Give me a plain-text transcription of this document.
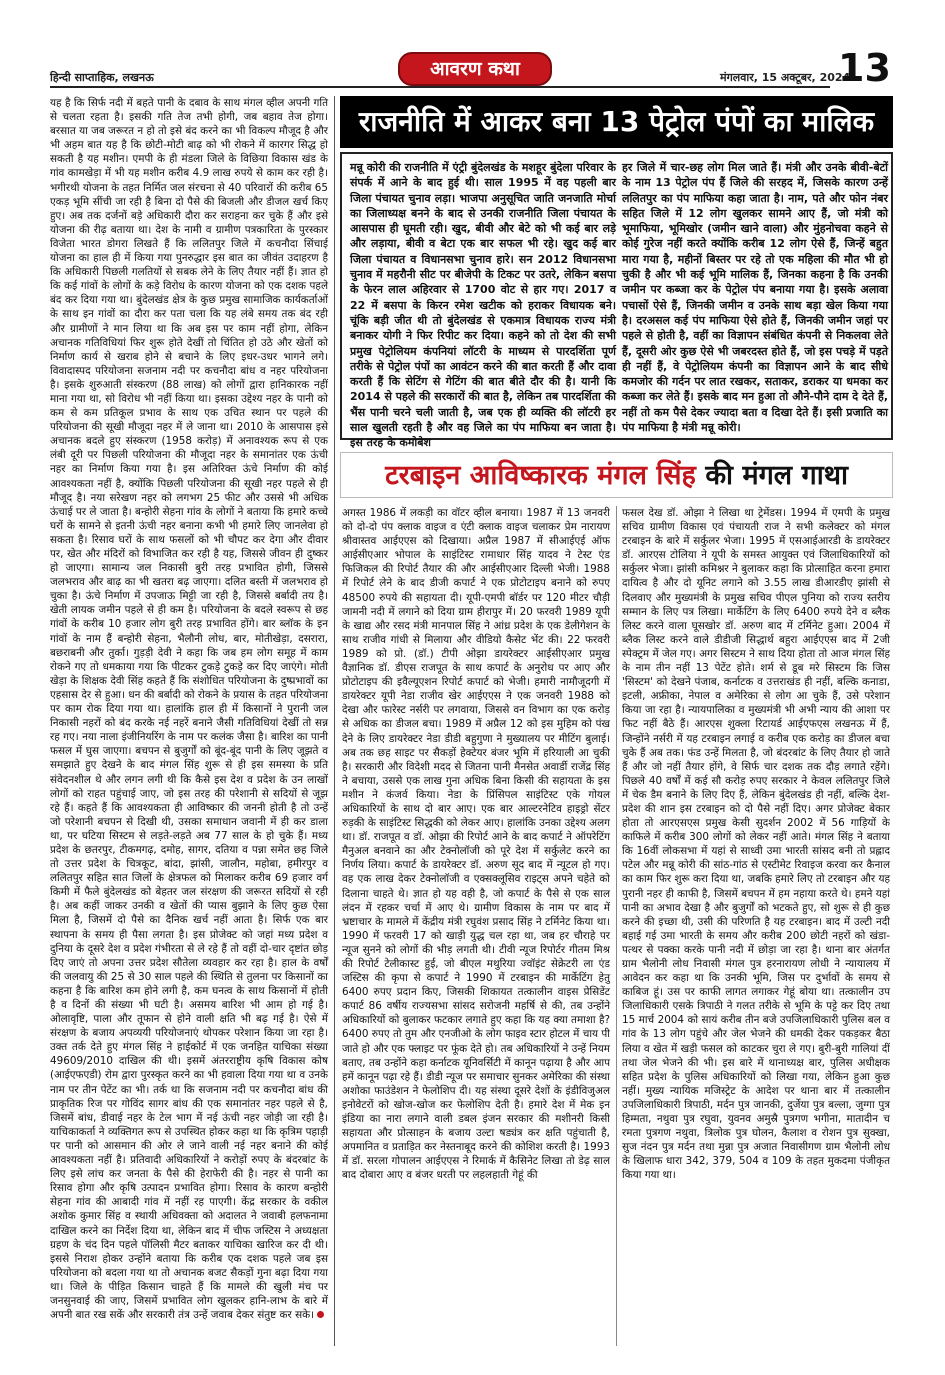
हिन्दी साप्ताहिक, लखनऊ	आवरण कथा	मंगलवार, 15 अक्टूबर, 2024
13

यह है कि सिर्फ नदी में बहते पानी के दबाव के साथ मंगल व्हील अपनी गति से चलता रहता है। इसकी गति तेज तभी होगी, जब बहाव तेज होगा। बरसात या जब जरूरत न हो तो इसे बंद करने का भी विकल्प मौजूद है और भी अहम बात यह है कि छोटी-मोटी बाढ़ को भी रोकने में कारगर सिद्ध हो सकती है यह मशीन। एमपी के ही मंडला जिले के विछिया विकास खंड के गांव कामखेड़ा में भी यह मशीन करीब 4.9 लाख रुपये से काम कर रही है। भगीरथी योजना के तहत निर्मित जल संरचना से 40 परिवारों की करीब 65 एकड़ भूमि सींची जा रही है बिना दो पैसे की बिजली और डीजल खर्च किए हुए। अब तक दर्जनों बड़े अधिकारी दौरा कर सराहना कर चुके हैं और इसे योजना की रीढ़ बताया था। देश के नामी व ग्रामीण पत्रकारिता के पुरस्कार विजेता भारत डोगरा लिखते हैं कि ललितपुर जिले में कचनौदा सिंचाई योजना का हाल ही में किया गया पुनरुद्धार इस बात का जीवंत उदाहरण है कि अधिकारी पिछली गलतियों से सबक लेने के लिए तैयार नहीं हैं। ज्ञात हो कि कई गांवों के लोगों के कड़े विरोध के कारण योजना को एक दशक पहले बंद कर दिया गया था। बुंदेलखंड क्षेत्र के कुछ प्रमुख सामाजिक कार्यकर्ताओं के साथ इन गांवों का दौरा कर पता चला कि यह लंबे समय तक बंद रही और ग्रामीणों ने मान लिया था कि अब इस पर काम नहीं होगा, लेकिन अचानक गतिविधियां फिर शुरू होते देखीं तो चिंतित हो उठे और खेतों को निर्माण कार्य से खराब होने से बचाने के लिए इधर-उधर भागने लगे। विवादास्पद परियोजना सजनाम नदी पर कचनौदा बांध व नहर परियोजना है। इसके शुरुआती संस्करण (88 लाख) को लोगों द्वारा हानिकारक नहीं माना गया था, सो विरोध भी नहीं किया था। इसका उद्देश्य नहर के पानी को कम से कम प्रतिकूल प्रभाव के साथ एक उचित स्थान पर पहले की परियोजना की सूखी मौजूदा नहर में ले जाना था। 2010 के आसपास इसे अचानक बदले हुए संस्करण (1958 करोड़) में अनावश्यक रूप से एक लंबी दूरी पर पिछली परियोजना की मौजूदा नहर के समानांतर एक ऊंची नहर का निर्माण किया गया है। इस अतिरिक्त ऊंचे निर्माण की कोई आवश्यकता नहीं है, क्योंकि पिछली परियोजना की सूखी नहर पहले से ही मौजूद है। नया सरेखण नहर को लगभग 25 फीट और उससे भी अधिक ऊंचाई पर ले जाता है। बन्होरी सेहना गांव के लोगों ने बताया कि हमारे कच्चे घरों के सामने से इतनी ऊंची नहर बनाना कभी भी हमारे लिए जानलेवा हो सकता है। रिसाव घरों के साथ फसलों को भी चौपट कर देगा और दीवार पर, खेत और मंदिरों को विभाजित कर रही है यह, जिससे जीवन ही दुष्कर हो जाएगा। सामान्य जल निकासी बुरी तरह प्रभावित होगी, जिससे जलभराव और बाढ़ का भी खतरा बढ़ जाएगा। दलित बस्ती में जलभराव हो चुका है। ऊंचे निर्माण में उपजाऊ मिट्टी जा रही है, जिससे बर्बादी तय है। खेती लायक जमीन पहले से ही कम है। परियोजना के बदले स्वरूप से छह गांवों के करीब 10 हजार लोग बुरी तरह प्रभावित होंगे। बार ब्लॉक के इन गांवों के नाम हैं बन्होरी सेहना, भैलौनी लोध, बार, मोतीखेड़ा, दसरारा, बछराबनी और तुर्का। गुड़ड़ी देवी ने कहा कि जब हम लोग समूह में काम रोकने गए तो धमकाया गया कि पीटकर टुकड़े टुकड़े कर दिए जाएंगे। मोती खेड़ा के शिक्षक देवी सिंह कहते हैं कि संशोधित परियोजना के दुष्प्रभावों का एहसास देर से हुआ। धन की बर्बादी को रोकने के प्रयास के तहत परियोजना पर काम रोक दिया गया था। हालांकि हाल ही में किसानों ने पुरानी जल निकासी नहरों को बंद करके नई नहरें बनाने जैसी गतिविधियां देखीं तो सन्न रह गए। नया नाला इंजीनियरिंग के नाम पर कलंक जैसा है। बारिश का पानी फसल में घुस जाएगा। बचपन से बुजुर्गों को बूंद-बूंद पानी के लिए जूझते व समझाते हुए देखने के बाद मंगल सिंह शुरू से ही इस समस्या के प्रति संवेदनशील थे और लगन लगी थी कि कैसे इस देश व प्रदेश के उन लाखों लोगों को राहत पहुंचाई जाए, जो इस तरह की परेशानी से सदियों से जूझ रहे हैं। कहते हैं कि आवश्यकता ही आविष्कार की जननी होती है तो उन्हें जो परेशानी बचपन से दिखी थी, उसका समाधान जवानी में ही कर डाला था, पर घटिया सिस्टम से लड़ते-लड़ते अब 77 साल के हो चुके हैं। मध्य प्रदेश के छतरपुर, टीकमगढ़, दमोह, सागर, दतिया व पन्ना समेत छह जिले तो उत्तर प्रदेश के चित्रकूट, बांदा, झांसी, जालौन, महोबा, हमीरपुर व ललितपुर सहित सात जिलों के क्षेत्रफल को मिलाकर करीब 69 हजार वर्ग किमी में फैले बुंदेलखंड को बेहतर जल संरक्षण की जरूरत सदियों से रही है। अब कहीं जाकर उनकी व खेतों की प्यास बुझाने के लिए कुछ ऐसा मिला है, जिसमें दो पैसे का दैनिक खर्च नहीं आता है। सिर्फ एक बार स्थापना के समय ही पैसा लगता है। इस प्रोजेक्ट को जहां मध्य प्रदेश व दुनिया के दूसरे देश व प्रदेश गंभीरता से ले रहे हैं तो वहीं दो-चार दृष्टांत छोड़ दिए जाएं तो अपना उत्तर प्रदेश सौतेला व्यवहार कर रहा है। हाल के वर्षों की जलवायु की 25 से 30 साल पहले की स्थिति से तुलना पर किसानों का कहना है कि बारिश कम होने लगी है, कम घनत्व के साथ किसानों में होती है व दिनों की संख्या भी घटी है। असमय बारिश भी आम हो गई है। ओलावृष्टि, पाला और तूफान से होने वाली क्षति भी बढ़ गई है। ऐसे में संरक्षण के बजाय अपव्ययी परियोजनाएं थोपकर परेशान किया जा रहा है। उक्त तर्क देते हुए मंगल सिंह ने हाईकोर्ट में एक जनहित याचिका संख्या 49609/2010 दाखिल की थी। इसमें अंतरराष्ट्रीय कृषि विकास कोष (आईएफएडी) रोम द्वारा पुरस्कृत करने का भी हवाला दिया गया था व उनके नाम पर तीन पेटेंट का भी। तर्क था कि सजनाम नदी पर कचनौदा बांध की प्राकृतिक रिज पर गोविंद सागर बांध की एक समानांतर नहर पहले से है, जिसमें बांध, डीवाई नहर के टेल भाग में नई ऊंची नहर जोड़ी जा रही है। याचिकाकर्ता ने व्यक्तिगत रूप से उपस्थित होकर कहा था कि कृत्रिम पहाड़ी पर पानी को आसमान की ओर ले जाने वाली नई नहर बनाने की कोई आवश्यकता नहीं है। प्रतिवादी अधिकारियों ने करोड़ों रुपए के बंदरबांट के लिए इसे लांच कर जनता के पैसे की हेराफेरी की है। नहर से पानी का रिसाव होगा और कृषि उत्पादन प्रभावित होगा। रिसाव के कारण बन्होरी सेहना गांव की आबादी गांव में नहीं रह पाएगी। केंद्र सरकार के वकील अशोक कुमार सिंह व स्थायी अधिवक्ता को अदालत ने जवाबी हलफनामा दाखिल करने का निर्देश दिया था, लेकिन बाद में चीफ जस्टिस ने अध्यक्षता ग्रहण के चंद दिन पहले पॉलिसी मैटर बताकर याचिका खारिज कर दी थी। इससे निराश होकर उन्होंने बताया कि करीब एक दशक पहले जब इस परियोजना को बदला गया था तो अचानक बजट सैकड़ों गुना बढ़ा दिया गया था। जिले के पीड़ित किसान चाहते हैं कि मामले की खुली मंच पर जनसुनवाई की जाए, जिसमें प्रभावित लोग खुलकर हानि-लाभ के बारे में अपनी बात रख सकें और सरकारी तंत्र उन्हें जवाब देकर संतुष्ट कर सके।

राजनीति में आकर बना 13 पेट्रोल पंपों का मालिक

मन्नू कोरी की राजनीति में एंट्री बुंदेलखंड के मशहूर बुंदेला परिवार के संपर्क में आने के बाद हुई थी। साल 1995 में वह पहली बार जिला पंचायत चुनाव लड़ा। भाजपा अनुसूचित जाति जनजाति मोर्चा का जिलाध्यक्ष बनने के बाद से उनकी राजनीति जिला पंचायत के आसपास ही घूमती रही। खुद, बीवी और बेटे को भी कई बार लड़े और लड़ाया, बीवी व बेटा एक बार सफल भी रहे। खुद कई बार जिला पंचायत व विधानसभा चुनाव हारे। सन 2012 विधानसभा चुनाव में महरौनी सीट पर बीजेपी के टिकट पर उतरे, लेकिन बसपा के फेरन लाल अहिरवार से 1700 वोट से हार गए। 2017 व 22 में बसपा के किरन रमेश खटीक को हराकर विधायक बने। चूंकि बड़ी जीत थी तो बुंदेलखंड से एकमात्र विधायक राज्य मंत्री बनाकर योगी ने फिर रिपीट कर दिया। कहने को तो देश की सभी प्रमुख पेट्रोलियम कंपनियां लॉटरी के माध्यम से पारदर्शिता पूर्ण तरीके से पेट्रोल पंपों का आवंटन करने की बात करती हैं और दावा करती हैं कि सेटिंग से गेटिंग की बात बीते दौर की है। यानी कि 2014 से पहले की सरकारों की बात है, लेकिन तब पारदर्शिता की भैंस पानी चरने चली जाती है, जब एक ही व्यक्ति की लॉटरी हर साल खुलती रहती है और वह जिले का पंप माफिया बन जाता है। इस तरह के कमोबेश

हर जिले में चार-छह लोग मिल जाते हैं। मंत्री और उनके बीवी-बेटों के नाम 13 पेट्रोल पंप हैं जिले की सरहद में, जिसके कारण उन्हें ललितपुर का पंप माफिया कहा जाता है। नाम, पते और फोन नंबर सहित जिले में 12 लोग खुलकर सामने आए हैं, जो मंत्री को भूमाफिया, भूमिखोर (जमीन खाने वाला) और मुंहनोचवा कहने से कोई गुरेज नहीं करते क्योंकि करीब 12 लोग ऐसे हैं, जिन्हें बहुत मारा गया है, महीनों बिस्तर पर रहे तो एक महिला की मौत भी हो चुकी है और भी कई भूमि मालिक हैं, जिनका कहना है कि उनकी जमीन पर कब्जा कर के पेट्रोल पंप बनाया गया है। इसके अलावा पचासों ऐसे हैं, जिनकी जमीन व उनके साथ बड़ा खेल किया गया है। दरअसल कई पंप माफिया ऐसे होते हैं, जिनकी जमीन जहां पर पहले से होती है, वहीं का विज्ञापन संबंधित कंपनी से निकलवा लेते हैं, दूसरी ओर कुछ ऐसे भी जबरदस्त होते हैं, जो इस पचड़े में पड़ते ही नहीं हैं, वे पेट्रोलियम कंपनी का विज्ञापन आने के बाद सीधे कमजोर की गर्दन पर लात रखकर, सताकर, डराकर या धमका कर कब्जा कर लेते हैं। इसके बाद मन हुआ तो औने-पौने दाम दे देते हैं, नहीं तो कम पैसे देकर ज्यादा बता व दिखा देते हैं। इसी प्रजाति का पंप माफिया है मंत्री मन्नू कोरी।

टरबाइन आविष्कारक मंगल सिंह की मंगल गाथा

अगस्त 1986 में लकड़ी का वॉटर व्हील बनाया। 1987 में 13 जनवरी को दो-दो पंप क्लाक वाइज व एंटी क्लाक वाइज चलाकर प्रेम नारायण श्रीवास्तव आईएएस को दिखाया। अप्रैल 1987 में सीआईएई ऑफ आईसीएआर भोपाल के साइंटिस्ट रामाधार सिंह यादव ने टेस्ट एंड फिजिकल की रिपोर्ट तैयार की और आईसीएआर दिल्ली भेजी। 1988 में रिपोर्ट लेने के बाद डीजी कपार्ट ने एक प्रोटोटाइप बनाने को रुपए 48500 रुपये की सहायता दी। यूपी-एमपी बॉर्डर पर 120 मीटर चौड़ी जामनी नदी में लगाने को दिया ग्राम हीरापुर में। 20 फरवरी 1989 यूपी के खाद्य और रसद मंत्री मानपाल सिंह ने आंध्र प्रदेश के एक डेलीगेशन के साथ राजीव गांधी से मिलाया और वीडियो कैसेट भेंट की। 22 फरवरी 1989 को प्रो. (डॉ.) टीपी ओझा डायरेक्टर आईसीएआर प्रमुख वैज्ञानिक डॉ. डीएस राजपूत के साथ कपार्ट के अनुरोध पर आए और प्रोटोटाइप की इवैल्यूएशन रिपोर्ट कपार्ट को भेजी। हमारी नामौजूदगी में डायरेक्टर यूपी नेडा राजीव खेर आईएएस ने एक जनवरी 1988 को देखा और फारेस्ट नर्सरी पर लगवाया, जिससे वन विभाग का एक करोड़ से अधिक का डीजल बचा। 1989 में अप्रैल 12 को इस मुहिम को पंख देने के लिए डायरेक्टर नेडा डीडी बहुगुणा ने मुख्यालय पर मीटिंग बुलाई। अब तक छह साइट पर सैकड़ों हेक्टेयर बंजर भूमि में हरियाली आ चुकी है। सरकारी और विदेशी मदद से जितना पानी मैनसेत अवार्डी राजेंद्र सिंह ने बचाया, उससे एक लाख गुना अधिक बिना किसी की सहायता के इस मशीन ने कंजर्व किया। नेडा के प्रिंसिपल साइंटिस्ट एके गोयल अधिकारियों के साथ दो बार आए। एक बार आल्टरनेटिव हाइड्रो सेंटर रुड़की के साइंटिस्ट सिद्धकी को लेकर आए। हालांकि उनका उद्देश्य अलग था। डॉ. राजपूत व डॉ. ओझा की रिपोर्ट आने के बाद कपार्ट ने ऑपरेटिंग मैनुअल बनवाने का और टेक्नोलॉजी को पूरे देश में सर्कुलेट करने का निर्णय लिया। कपार्ट के डायरेक्टर डॉ. अरुण सूद बाद में न्यूटल हो गए। वह एक लाख देकर टेक्नोलॉजी व एक्सक्लूसिव राइट्स अपने चहेते को दिलाना चाहते थे। ज्ञात हो यह वही है, जो कपार्ट के पैसे से एक साल लंदन में रहकर चर्चा में आए थे। ग्रामीण विकास के नाम पर बाद में भ्रष्टाचार के मामले में केंद्रीय मंत्री रघुवंश प्रसाद सिंह ने टर्मिनेट किया था। 1990 में फरवरी 17 को खाड़ी युद्ध चल रहा था, जब हर चौराहे पर न्यूज सुनने को लोगों की भीड़ लगती थी। टीवी न्यूज रिपोर्टर गीतम मिश्र की रिपोर्ट टेलीकास्ट हुई, जो बीएल मथुरिया ज्वॉइंट सेक्रेटरी ला एंड जस्टिस की कृपा से कपार्ट ने 1990 में टरबाइन की मार्केटिंग हेतु 6400 रुपए प्रदान किए, जिसकी शिकायत तत्कालीन वाइस प्रेसिडेंट कपार्ट 86 वर्षीय राज्यसभा सांसद सरोजनी महर्षि से की, तब उन्होंने अधिकारियों को बुलाकर फटकार लगाते हुए कहा कि यह क्या तमाशा है? 6400 रुपए तो तुम और एनजीओ के लोग फाइव स्टार होटल में चाय पी जाते हो और एक फ्लाइट पर फूंक देते हो। तब अधिकारियों ने उन्हें नियम बताए, तब उन्होंने कहा कर्नाटक यूनिवर्सिटी में कानून पढ़ाया है और आप हमें कानून पढ़ा रहे हैं। डीडी न्यूज पर समाचार सुनकर अमेरिका की संस्था अशोका फाउंडेशन ने फेलोशिप दी। यह संस्था दूसरे देशों के इंडीविजुअल इनोवेटरों को खोज-खोज कर फेलोशिप देती है। हमारे देश में मेक इन इंडिया का नारा लगाने वाली डबल इंजन सरकार की मशीनरी किसी सहायता और प्रोत्साहन के बजाय उल्टा षड्यंत्र कर क्षति पहुंचाती है, अपमानित व प्रताड़ित कर नेस्तनाबूद करने की कोशिश करती है। 1993 में डॉ. सरला गोपालन आईएएस ने रिमार्क में कैसिनेट लिखा तो डेढ़ साल बाद दोबारा आए व बंजर धरती पर लहलहाती गेहूं की

फसल देख डॉ. ओझा ने लिखा था ट्रेमेंडस। 1994 में एमपी के प्रमुख सचिव ग्रामीण विकास एवं पंचायती राज ने सभी कलेक्टर को मंगल टरबाइन के बारे में सर्कुलर भेजा। 1995 में एसआईआरडी के डायरेक्टर डॉ. आरएस टोलिया ने यूपी के समस्त आयुक्त एवं जिलाधिकारियों को सर्कुलर भेजा। झांसी कमिश्नर ने बुलाकर कहा कि प्रोत्साहित करना हमारा दायित्व है और दो यूनिट लगाने को 3.55 लाख डीआरडीए झांसी से दिलवाए और मुख्यमंत्री के प्रमुख सचिव पीएल पुनिया को राज्य स्तरीय सम्मान के लिए पत्र लिखा। मार्केटिंग के लिए 6400 रुपये देने व ब्लैक लिस्ट करने वाला घूसखोर डॉ. अरुण बाद में टर्मिनेट हुआ। 2004 में ब्लैक लिस्ट करने वाले डीडीजी सिद्धार्थ बहुरा आईएएस बाद में 2जी स्पेक्ट्रम में जेल गए। अगर सिस्टम ने साथ दिया होता तो आज मंगल सिंह के नाम तीन नहीं 13 पेटेंट होते। शर्म से डूब मरे सिस्टम कि जिस 'सिस्टम' को देखने पंजाब, कर्नाटक व उत्तराखंड ही नहीं, बल्कि कनाडा, इटली, अफ्रीका, नेपाल व अमेरिका से लोग आ चुके हैं, उसे परेशान किया जा रहा है। न्यायपालिका व मुख्यमंत्री भी अभी न्याय की आशा पर फिट नहीं बैठे हैं। आरएस शुक्ला रिटायर्ड आईएफएस लखनऊ में हैं, जिन्होंने नर्सरी में यह टरबाइन लगाई व करीब एक करोड़ का डीजल बचा चुके हैं अब तक। फंड उन्हें मिलता है, जो बंदरबांट के लिए तैयार हो जाते हैं और जो नहीं तैयार होंगे, वे सिर्फ चार दशक तक दौड़ लगाते रहेंगे। पिछले 40 वर्षों में कई सौ करोड़ रुपए सरकार ने केवल ललितपुर जिले में चेक डैम बनाने के लिए दिए हैं, लेकिन बुंदेलखंड ही नहीं, बल्कि देश-प्रदेश की शान इस टरबाइन को दो पैसे नहीं दिए। अगर प्रोजेक्ट बेकार होता तो आरएसएस प्रमुख केसी सुदर्शन 2002 में 56 गाड़ियों के काफिले में करीब 300 लोगों को लेकर नहीं आते। मंगल सिंह ने बताया कि 16वीं लोकसभा में यहां से साध्वी उमा भारती सांसद बनी तो प्रह्लाद पटेल और मन्नू कोरी की सांठ-गांठ से एस्टीमेट रिवाइज करवा कर कैनाल का काम फिर शुरू करा दिया था, जबकि हमारे लिए तो टरबाइन और यह पुरानी नहर ही काफी है, जिसमें बचपन में हम नहाया करते थे। हमने यहां पानी का अभाव देखा है और बुजुर्गों को भटकते हुए, सो शुरू से ही कुछ करने की इच्छा थी, उसी की परिणति है यह टरबाइन। बाद में उल्टी नदी बहाई गई उमा भारती के समय और करीब 200 छोटी नहरों को खंडा-पत्थर से पक्का करके पानी नदी में छोड़ा जा रहा है। थाना बार अंतर्गत ग्राम भैलोनी लोध निवासी मंगल पुत्र हरनारायण लोधी ने न्यायालय में आवेदन कर कहा था कि उनकी भूमि, जिस पर दुर्भावों के समय से काबिज हूं। उस पर काफी लागत लगाकर गेहूं बोया था। तत्कालीन उप जिलाधिकारी एसके त्रिपाठी ने गलत तरीके से भूमि के पट्टे कर दिए तथा 15 मार्च 2004 को सायं करीब तीन बजे उपजिलाधिकारी पुलिस बल व गांव के 13 लोग पहुंचे और जेल भेजने की धमकी देकर पकड़कर बैठा लिया व खेत में खड़ी फसल को काटकर चुरा ले गए। बुरी-बुरी गालियां दीं तथा जेल भेजने की भी। इस बारे में थानाध्यक्ष बार, पुलिस अधीक्षक सहित प्रदेश के पुलिस अधिकारियों को लिखा गया, लेकिन हुआ कुछ नहीं। मुख्य न्यायिक मजिस्ट्रेट के आदेश पर थाना बार में तत्कालीन उपजिलाधिकारी त्रिपाठी, मर्दन पुत्र जानकी, दुर्जेया पुत्र बल्ला, जुग्गा पुत्र हिम्मता, नथुवा पुत्र रघुवा, युवनव अमुस्रै पुत्रगण भगीना, मातादीन च रमता पुत्रगण नथुवा, त्रिलोक पुत्र घोलन, कैलाश व रोशन पुत्र सुक्खा, सुज नंदन पुत्र मर्दन तथा मुन्ना पुत्र अजात निवासीगण ग्राम भैलोनी लोध के खिलाफ धारा 342, 379, 504 व 109 के तहत मुकदमा पंजीकृत किया गया था।
